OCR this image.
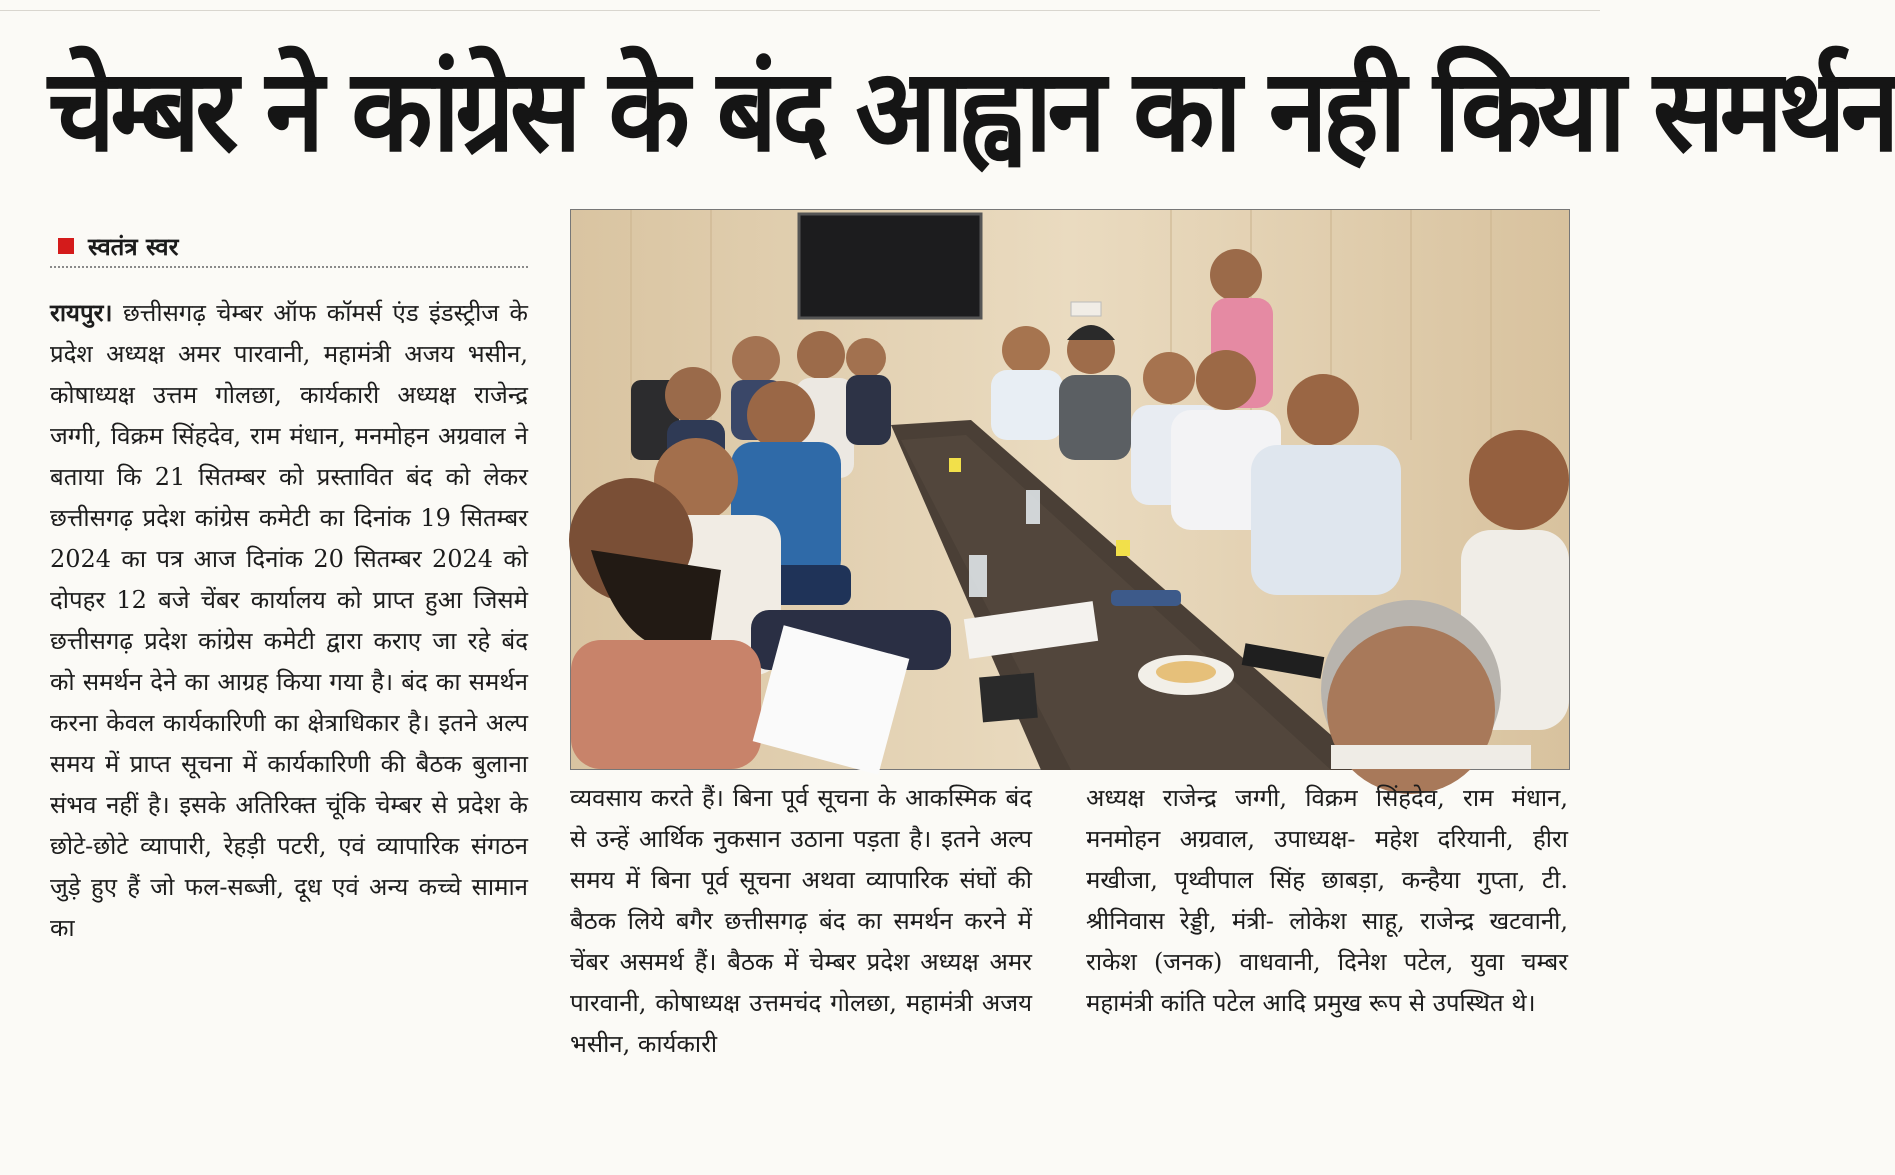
चेम्बर ने कांग्रेस के बंद आह्वान का नही किया समर्थन
स्वतंत्र स्वर

रायपुर। छत्तीसगढ़ चेम्बर ऑफ कॉमर्स एंड इंडस्ट्रीज के प्रदेश अध्यक्ष अमर पारवानी, महामंत्री अजय भसीन, कोषाध्यक्ष उत्तम गोलछा, कार्यकारी अध्यक्ष राजेन्द्र जग्गी, विक्रम सिंहदेव, राम मंधान, मनमोहन अग्रवाल ने बताया कि 21 सितम्बर को प्रस्तावित बंद को लेकर छत्तीसगढ़ प्रदेश कांग्रेस कमेटी का दिनांक 19 सितम्बर 2024 का पत्र आज दिनांक 20 सितम्बर 2024 को दोपहर 12 बजे चेंबर कार्यालय को प्राप्त हुआ जिसमे छत्तीसगढ़ प्रदेश कांग्रेस कमेटी द्वारा कराए जा रहे बंद को समर्थन देने का आग्रह किया गया है। बंद का समर्थन करना केवल कार्यकारिणी का क्षेत्राधिकार है। इतने अल्प समय में प्राप्त सूचना में कार्यकारिणी की बैठक बुलाना संभव नहीं है। इसके अतिरिक्त चूंकि चेम्बर से प्रदेश के छोटे-छोटे व्यापारी, रेहड़ी पटरी, एवं व्यापारिक संगठन जुड़े हुए हैं जो फल-सब्जी, दूध एवं अन्य कच्चे सामान का

व्यवसाय करते हैं। बिना पूर्व सूचना के आकस्मिक बंद से उन्हें आर्थिक नुकसान उठाना पड़ता है। इतने अल्प समय में बिना पूर्व सूचना अथवा व्यापारिक संघों की बैठक लिये बगैर छत्तीसगढ़ बंद का समर्थन करने में चेंबर असमर्थ हैं। बैठक में चेम्बर प्रदेश अध्यक्ष अमर पारवानी, कोषाध्यक्ष उत्तमचंद गोलछा, महामंत्री अजय भसीन, कार्यकारी

अध्यक्ष राजेन्द्र जग्गी, विक्रम सिंहदेव, राम मंधान, मनमोहन अग्रवाल, उपाध्यक्ष- महेश दरियानी, हीरा मखीजा, पृथ्वीपाल सिंह छाबड़ा, कन्हैया गुप्ता, टी. श्रीनिवास रेड्डी, मंत्री- लोकेश साहू, राजेन्द्र खटवानी, राकेश (जनक) वाधवानी, दिनेश पटेल, युवा चम्बर महामंत्री कांति पटेल आदि प्रमुख रूप से उपस्थित थे।
